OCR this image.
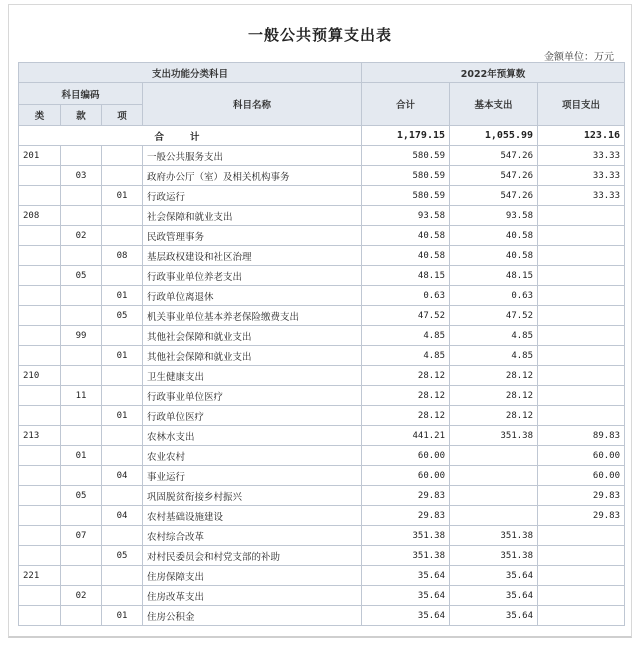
一般公共预算支出表
金额单位：万元
支出功能分类科目				2022年预算数		
科目编码			科目名称	合计	基本支出	项目支出
类	款	项				
合计				1,179.15	1,055.99	123.16
201			一般公共服务支出	580.59	547.26	33.33
	03		政府办公厅（室）及相关机构事务	580.59	547.26	33.33
		01	行政运行	580.59	547.26	33.33
208			社会保障和就业支出	93.58	93.58	
	02		民政管理事务	40.58	40.58	
		08	基层政权建设和社区治理	40.58	40.58	
	05		行政事业单位养老支出	48.15	48.15	
		01	行政单位离退休	0.63	0.63	
		05	机关事业单位基本养老保险缴费支出	47.52	47.52	
	99		其他社会保障和就业支出	4.85	4.85	
		01	其他社会保障和就业支出	4.85	4.85	
210			卫生健康支出	28.12	28.12	
	11		行政事业单位医疗	28.12	28.12	
		01	行政单位医疗	28.12	28.12	
213			农林水支出	441.21	351.38	89.83
	01		农业农村	60.00		60.00
		04	事业运行	60.00		60.00
	05		巩固脱贫衔接乡村振兴	29.83		29.83
		04	农村基础设施建设	29.83		29.83
	07		农村综合改革	351.38	351.38	
		05	对村民委员会和村党支部的补助	351.38	351.38	
221			住房保障支出	35.64	35.64	
	02		住房改革支出	35.64	35.64	
		01	住房公积金	35.64	35.64	
